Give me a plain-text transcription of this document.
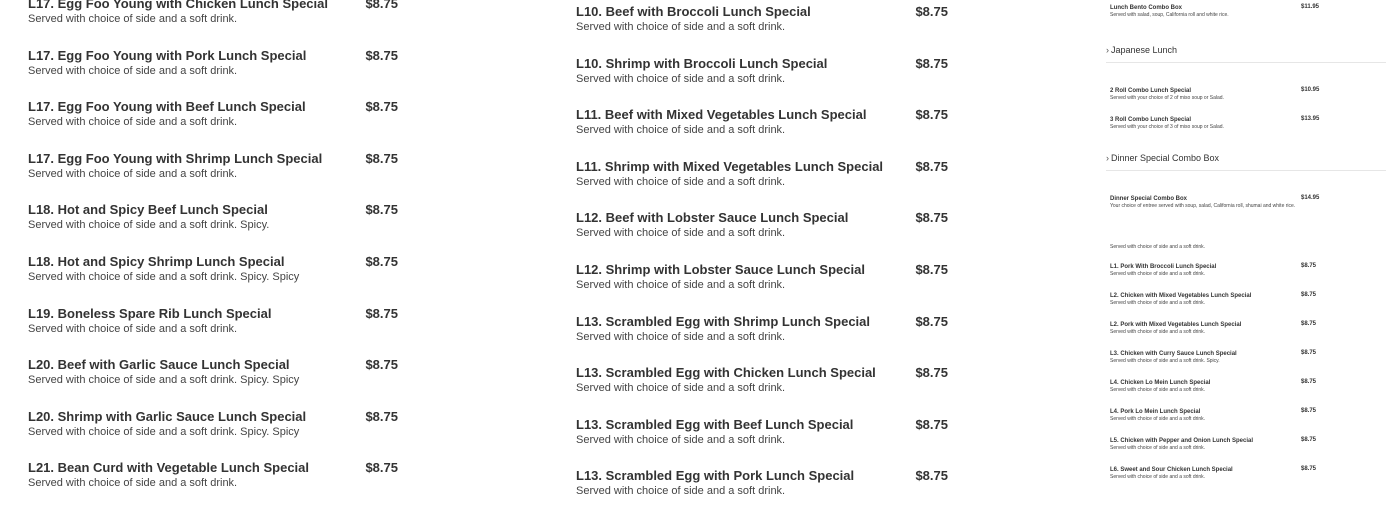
L17. Egg Foo Young with Chicken Lunch Special
Served with choice of side and a soft drink.
$8.75
L17. Egg Foo Young with Pork Lunch Special
Served with choice of side and a soft drink.
$8.75
L17. Egg Foo Young with Beef Lunch Special
Served with choice of side and a soft drink.
$8.75
L17. Egg Foo Young with Shrimp Lunch Special
Served with choice of side and a soft drink.
$8.75
L18. Hot and Spicy Beef Lunch Special
Served with choice of side and a soft drink. Spicy.
$8.75
L18. Hot and Spicy Shrimp Lunch Special
Served with choice of side and a soft drink. Spicy. Spicy
$8.75
L19. Boneless Spare Rib Lunch Special
Served with choice of side and a soft drink.
$8.75
L20. Beef with Garlic Sauce Lunch Special
Served with choice of side and a soft drink. Spicy. Spicy
$8.75
L20. Shrimp with Garlic Sauce Lunch Special
Served with choice of side and a soft drink. Spicy. Spicy
$8.75
L21. Bean Curd with Vegetable Lunch Special
Served with choice of side and a soft drink.
$8.75
L10. Beef with Broccoli Lunch Special
Served with choice of side and a soft drink.
$8.75
L10. Shrimp with Broccoli Lunch Special
Served with choice of side and a soft drink.
$8.75
L11. Beef with Mixed Vegetables Lunch Special
Served with choice of side and a soft drink.
$8.75
L11. Shrimp with Mixed Vegetables Lunch Special
Served with choice of side and a soft drink.
$8.75
L12. Beef with Lobster Sauce Lunch Special
Served with choice of side and a soft drink.
$8.75
L12. Shrimp with Lobster Sauce Lunch Special
Served with choice of side and a soft drink.
$8.75
L13. Scrambled Egg with Shrimp Lunch Special
Served with choice of side and a soft drink.
$8.75
L13. Scrambled Egg with Chicken Lunch Special
Served with choice of side and a soft drink.
$8.75
L13. Scrambled Egg with Beef Lunch Special
Served with choice of side and a soft drink.
$8.75
L13. Scrambled Egg with Pork Lunch Special
Served with choice of side and a soft drink.
$8.75
Lunch Bento Combo Box
Served with salad, soup, California roll and white rice.
$11.95
› Japanese Lunch
2 Roll Combo Lunch Special
Served with your choice of 2 of miso soup or Salad.
$10.95
3 Roll Combo Lunch Special
Served with your choice of 3 of miso soup or Salad.
$13.95
› Dinner Special Combo Box
Dinner Special Combo Box
Your choice of entree served with soup, salad, California roll, shumai and white rice.
$14.95
Served with choice of side and a soft drink.
L1. Pork With Broccoli Lunch Special
Served with choice of side and a soft drink.
$8.75
L2. Chicken with Mixed Vegetables Lunch Special
Served with choice of side and a soft drink.
$8.75
L2. Pork with Mixed Vegetables Lunch Special
Served with choice of side and a soft drink.
$8.75
L3. Chicken with Curry Sauce Lunch Special
Served with choice of side and a soft drink. Spicy.
$8.75
L4. Chicken Lo Mein Lunch Special
Served with choice of side and a soft drink.
$8.75
L4. Pork Lo Mein Lunch Special
Served with choice of side and a soft drink.
$8.75
L5. Chicken with Pepper and Onion Lunch Special
Served with choice of side and a soft drink.
$8.75
L6. Sweet and Sour Chicken Lunch Special
Served with choice of side and a soft drink.
$8.75
